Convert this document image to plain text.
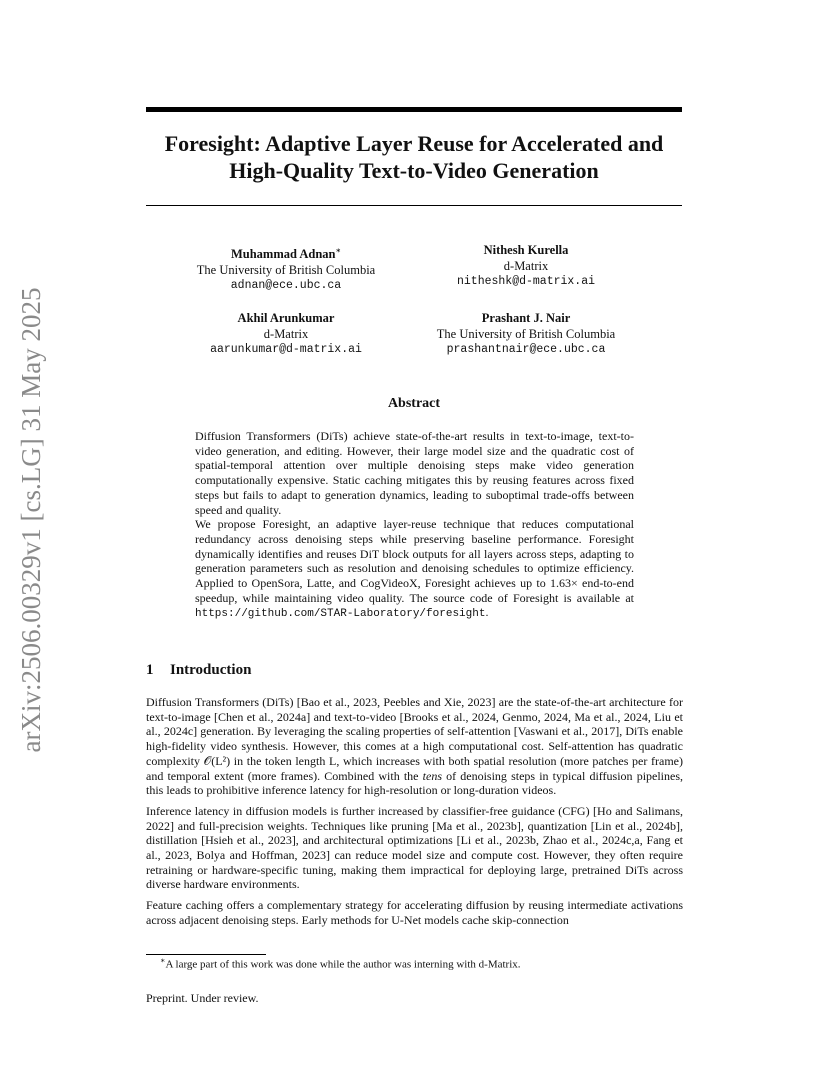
arXiv:2506.00329v1 [cs.LG] 31 May 2025
Foresight: Adaptive Layer Reuse for Accelerated and
High-Quality Text-to-Video Generation
Muhammad Adnan∗
The University of British Columbia
adnan@ece.ubc.ca
Nithesh Kurella
d-Matrix
nitheshk@d-matrix.ai
Akhil Arunkumar
d-Matrix
aarunkumar@d-matrix.ai
Prashant J. Nair
The University of British Columbia
prashantnair@ece.ubc.ca
Abstract

Diffusion Transformers (DiTs) achieve state-of-the-art results in text-to-image, text-to-video generation, and editing. However, their large model size and the quadratic cost of spatial-temporal attention over multiple denoising steps make video generation computationally expensive. Static caching mitigates this by reusing features across fixed steps but fails to adapt to generation dynamics, leading to suboptimal trade-offs between speed and quality.

We propose Foresight, an adaptive layer-reuse technique that reduces computational redundancy across denoising steps while preserving baseline performance. Foresight dynamically identifies and reuses DiT block outputs for all layers across steps, adapting to generation parameters such as resolution and denoising schedules to optimize efficiency. Applied to OpenSora, Latte, and CogVideoX, Foresight achieves up to 1.63× end-to-end speedup, while maintaining video quality. The source code of Foresight is available at https://github.com/STAR-Laboratory/foresight.

1 Introduction

Diffusion Transformers (DiTs) [Bao et al., 2023, Peebles and Xie, 2023] are the state-of-the-art architecture for text-to-image [Chen et al., 2024a] and text-to-video [Brooks et al., 2024, Genmo, 2024, Ma et al., 2024, Liu et al., 2024c] generation. By leveraging the scaling properties of self-attention [Vaswani et al., 2017], DiTs enable high-fidelity video synthesis. However, this comes at a high computational cost. Self-attention has quadratic complexity 𝒪(L²) in the token length L, which increases with both spatial resolution (more patches per frame) and temporal extent (more frames). Combined with the tens of denoising steps in typical diffusion pipelines, this leads to prohibitive inference latency for high-resolution or long-duration videos.

Inference latency in diffusion models is further increased by classifier-free guidance (CFG) [Ho and Salimans, 2022] and full-precision weights. Techniques like pruning [Ma et al., 2023b], quantization [Lin et al., 2024b], distillation [Hsieh et al., 2023], and architectural optimizations [Li et al., 2023b, Zhao et al., 2024c,a, Fang et al., 2023, Bolya and Hoffman, 2023] can reduce model size and compute cost. However, they often require retraining or hardware-specific tuning, making them impractical for deploying large, pretrained DiTs across diverse hardware environments.

Feature caching offers a complementary strategy for accelerating diffusion by reusing intermediate activations across adjacent denoising steps. Early methods for U-Net models cache skip-connection

∗A large part of this work was done while the author was interning with d-Matrix.
Preprint. Under review.
